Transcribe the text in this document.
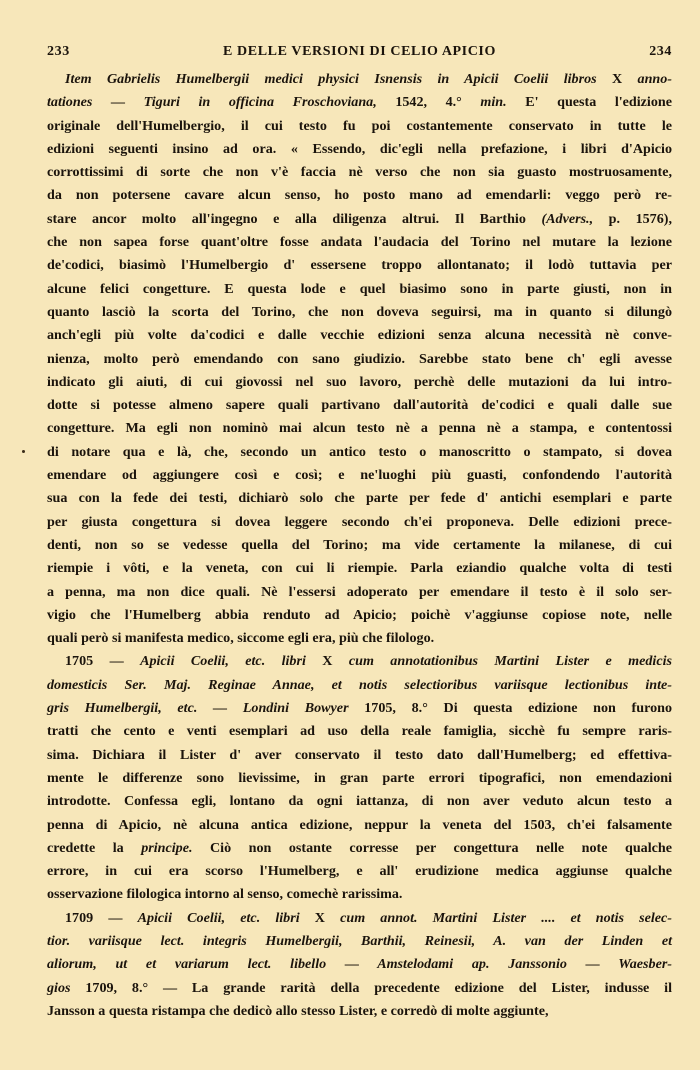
233	E DELLE VERSIONI DI CELIO APICIO	234
Item Gabrielis Humelbergii medici physici Isnensis in Apicii Coelii libros X anno-
tationes — Tiguri in officina Froschoviana, 1542, 4.° min. E' questa l'edizione
originale dell'Humelbergio, il cui testo fu poi costantemente conservato in tutte le
edizioni seguenti insino ad ora. « Essendo, dic'egli nella prefazione, i libri d'Apicio
corrottissimi di sorte che non v'è faccia nè verso che non sia guasto mostruosamente,
da non potersene cavare alcun senso, ho posto mano ad emendarli: veggo però re-
stare ancor molto all'ingegno e alla diligenza altrui. Il Barthio (Advers., p. 1576),
che non sapea forse quant'oltre fosse andata l'audacia del Torino nel mutare la lezione
de'codici, biasimò l'Humelbergio d' essersene troppo allontanato; il lodò tuttavia per
alcune felici congetture. E questa lode e quel biasimo sono in parte giusti, non in
quanto lasciò la scorta del Torino, che non doveva seguirsi, ma in quanto si dilungò
anch'egli più volte da'codici e dalle vecchie edizioni senza alcuna necessità nè conve-
nienza, molto però emendando con sano giudizio. Sarebbe stato bene ch' egli avesse
indicato gli aiuti, di cui giovossi nel suo lavoro, perchè delle mutazioni da lui intro-
dotte si potesse almeno sapere quali partivano dall'autorità de'codici e quali dalle sue
congetture. Ma egli non nominò mai alcun testo nè a penna nè a stampa, e contentossi
di notare qua e là, che, secondo un antico testo o manoscritto o stampato, si dovea
emendare od aggiungere così e così; e ne'luoghi più guasti, confondendo l'autorità
sua con la fede dei testi, dichiarò solo che parte per fede d' antichi esemplari e parte
per giusta congettura si dovea leggere secondo ch'ei proponeva. Delle edizioni prece-
denti, non so se vedesse quella del Torino; ma vide certamente la milanese, di cui
riempie i vôti, e la veneta, con cui li riempie. Parla eziandio qualche volta di testi
a penna, ma non dice quali. Nè l'essersi adoperato per emendare il testo è il solo ser-
vigio che l'Humelberg abbia renduto ad Apicio; poichè v'aggiunse copiose note, nelle
quali però si manifesta medico, siccome egli era, più che filologo.
1705 — Apicii Coelii, etc. libri X cum annotationibus Martini Lister e medicis
domesticis Ser. Maj. Reginae Annae, et notis selectioribus variisque lectionibus inte-
gris Humelbergii, etc. — Londini Bowyer 1705, 8.° Di questa edizione non furono
tratti che cento e venti esemplari ad uso della reale famiglia, sicchè fu sempre raris-
sima. Dichiara il Lister d' aver conservato il testo dato dall'Humelberg; ed effettiva-
mente le differenze sono lievissime, in gran parte errori tipografici, non emendazioni
introdotte. Confessa egli, lontano da ogni iattanza, di non aver veduto alcun testo a
penna di Apicio, nè alcuna antica edizione, neppur la veneta del 1503, ch'ei falsamente
credette la principe. Ciò non ostante corresse per congettura nelle note qualche
errore, in cui era scorso l'Humelberg, e all' erudizione medica aggiunse qualche
osservazione filologica intorno al senso, comechè rarissima.
1709 — Apicii Coelii, etc. libri X cum annot. Martini Lister .... et notis selec-
tior. variisque lect. integris Humelbergii, Barthii, Reinesii, A. van der Linden et
aliorum, ut et variarum lect. libello — Amstelodami ap. Janssonio — Waesber-
gios 1709, 8.° — La grande rarità della precedente edizione del Lister, indusse il
Jansson a questa ristampa che dedicò allo stesso Lister, e corredò di molte aggiunte,
